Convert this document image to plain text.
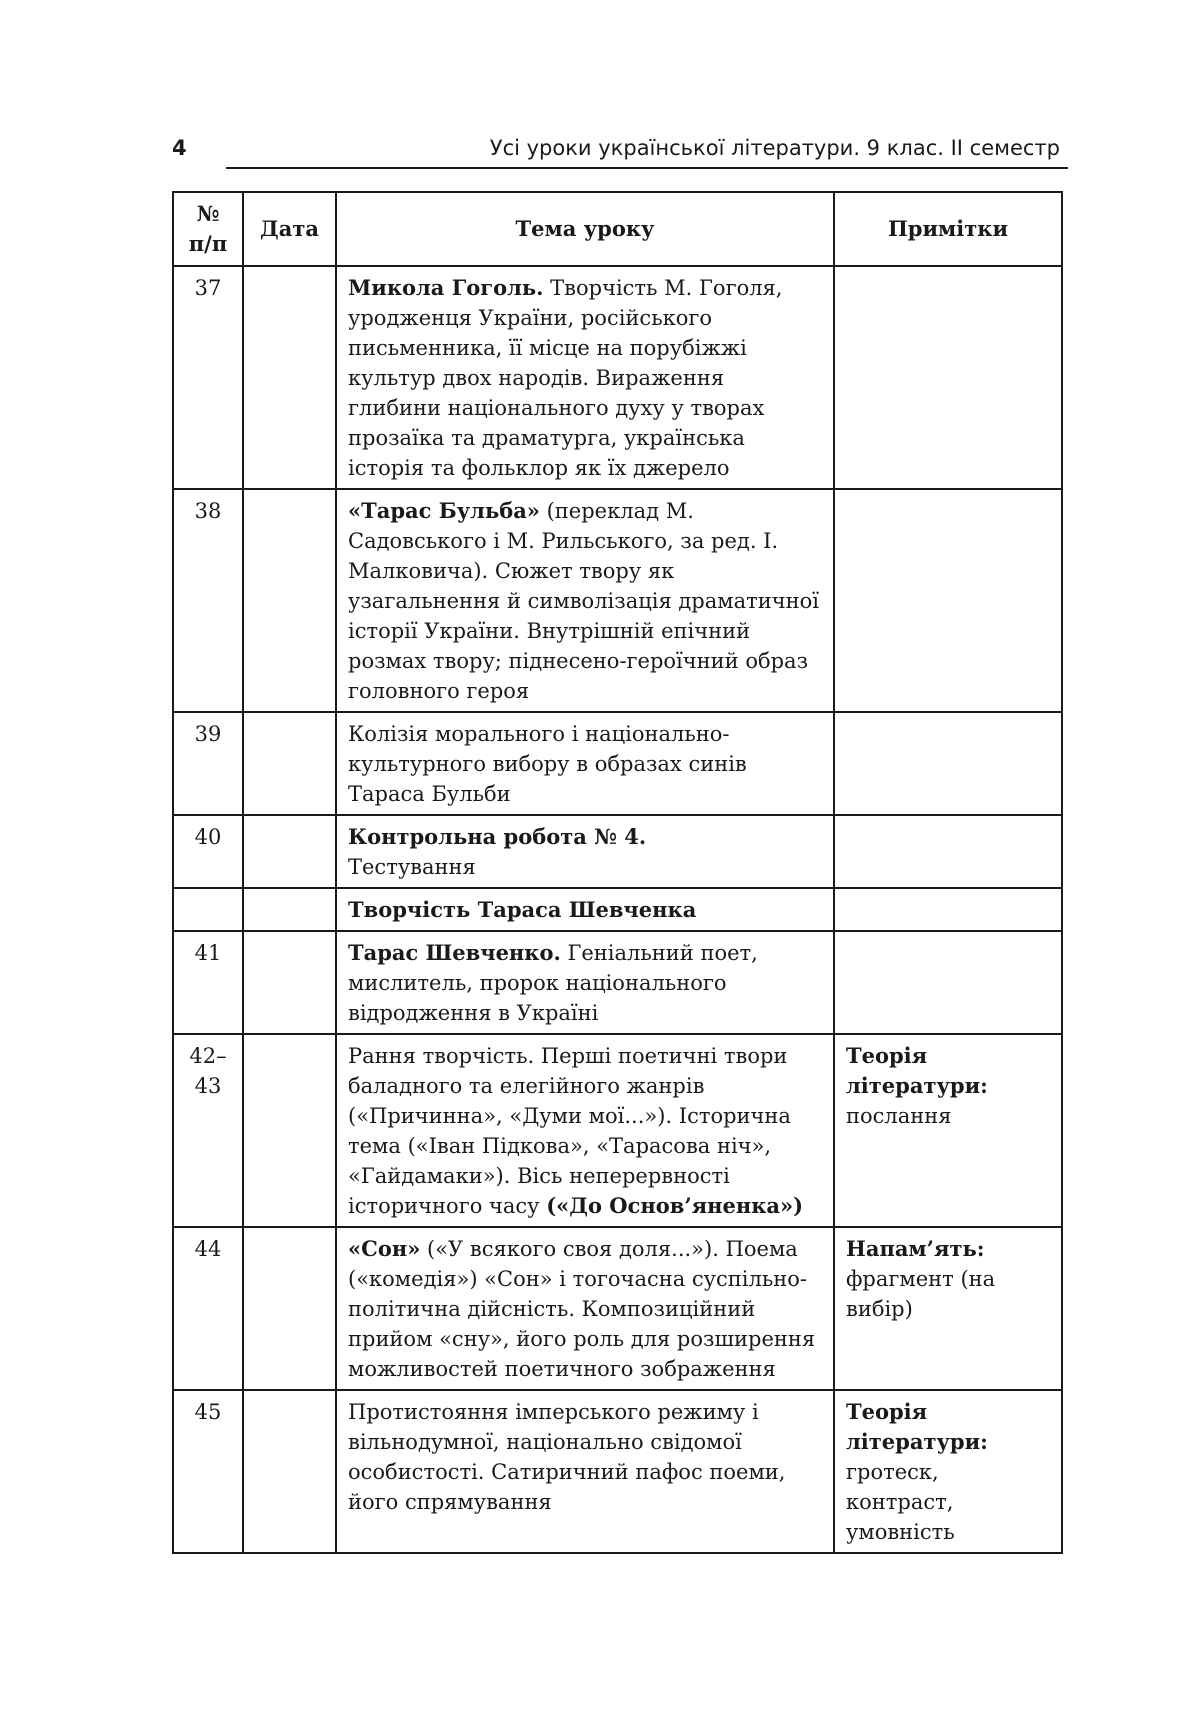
4	Усі уроки української літератури. 9 клас. ІІ семестр
№
п/п	Дата	Тема уроку	Примітки
37		Микола Гоголь. Творчість М. Гоголя, уродженця України, російського письменника, її місце на порубіжжі культур двох народів. Вираження глибини національного духу у творах прозаїка та драматурга, українська історія та фольклор як їх джерело	
38		«Тарас Бульба» (переклад М. Садовського і М. Рильського, за ред. І. Малковича). Сюжет твору як узагальнення й символізація драматичної історії України. Внутрішній епічний розмах твору; піднесено-героїчний образ головного героя	
39		Колізія морального і національно-культурного вибору в образах синів Тараса Бульби	
40		Контрольна робота № 4.
Тестування	
		Творчість Тараса Шевченка	
41		Тарас Шевченко. Геніальний поет, мислитель, пророк національного відродження в Україні	
42–43		Рання творчість. Перші поетичні твори баладного та елегійного жанрів («Причинна», «Думи мої...»). Історична тема («Іван Підкова», «Тарасова ніч», «Гайдамаки»). Вісь неперервності історичного часу («До Основ’яненка»)	Теорія літератури: послання
44		«Сон» («У всякого своя доля...»). Поема («комедія») «Сон» і тогочасна суспільно-політична дійсність. Композиційний прийом «сну», його роль для розширення можливостей поетичного зображення	Напам’ять: фрагмент (на вибір)
45		Протистояння імперського режиму і вільнодумної, національно свідомої особистості. Сатиричний пафос поеми, його спрямування	Теорія літератури: гротеск, контраст, умовність
